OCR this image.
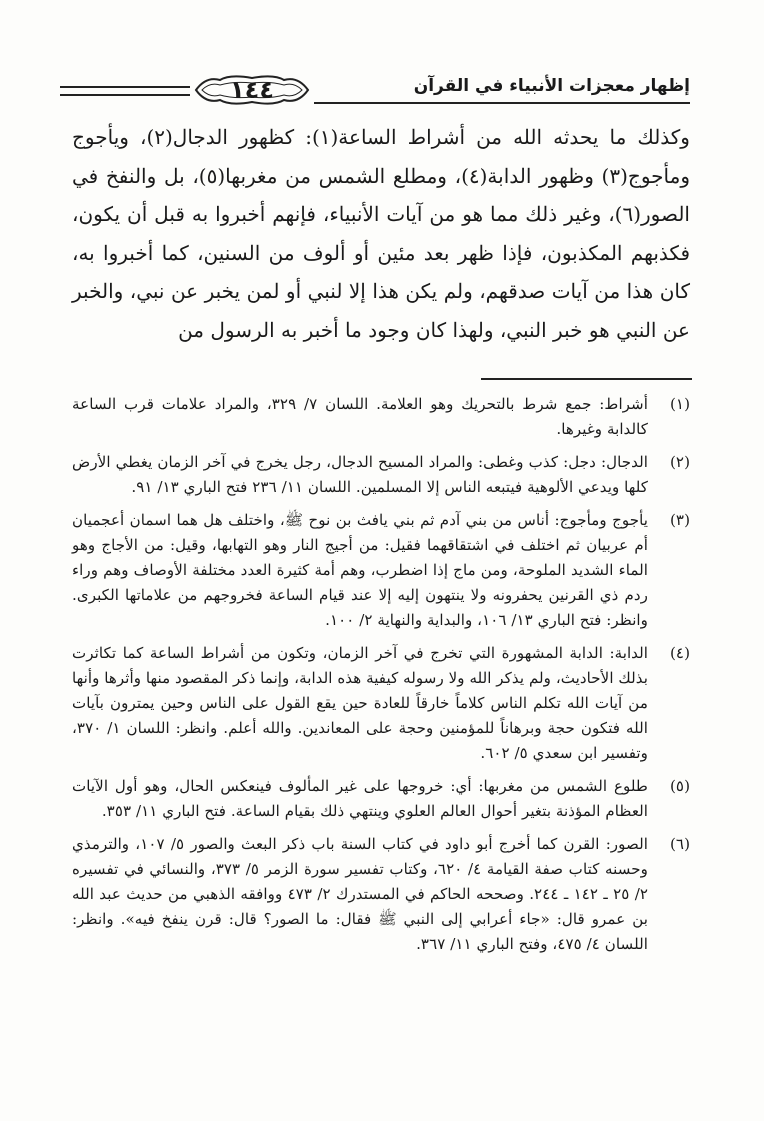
إظهار معجزات الأنبياء في القرآن
١٤٤

وكذلك ما يحدثه الله من أشراط الساعة(١): كظهور الدجال(٢)، ويأجوج ومأجوج(٣) وظهور الدابة(٤)، ومطلع الشمس من مغربها(٥)، بل والنفخ في الصور(٦)، وغير ذلك مما هو من آيات الأنبياء، فإنهم أخبروا به قبل أن يكون، فكذبهم المكذبون، فإذا ظهر بعد مئين أو ألوف من السنين، كما أخبروا به، كان هذا من آيات صدقهم، ولم يكن هذا إلا لنبي أو لمن يخبر عن نبي، والخبر عن النبي هو خبر النبي، ولهذا كان وجود ما أخبر به الرسول من

(١)
أشراط: جمع شرط بالتحريك وهو العلامة. اللسان ٧/ ٣٢٩، والمراد علامات قرب الساعة كالدابة وغيرها.
(٢)
الدجال: دجل: كذب وغطى: والمراد المسيح الدجال، رجل يخرج في آخر الزمان يغطي الأرض كلها ويدعي الألوهية فيتبعه الناس إلا المسلمين. اللسان ١١/ ٢٣٦ فتح الباري ١٣/ ٩١.
(٣)
يأجوج ومأجوج: أناس من بني آدم ثم بني يافث بن نوح ﷺ، واختلف هل هما اسمان أعجميان أم عربيان ثم اختلف في اشتقاقهما فقيل: من أجيج النار وهو التهابها، وقيل: من الأجاج وهو الماء الشديد الملوحة، ومن ماج إذا اضطرب، وهم أمة كثيرة العدد مختلفة الأوصاف وهم وراء ردم ذي القرنين يحفرونه ولا ينتهون إليه إلا عند قيام الساعة فخروجهم من علاماتها الكبرى. وانظر: فتح الباري ١٣/ ١٠٦، والبداية والنهاية ٢/ ١٠٠.
(٤)
الدابة: الدابة المشهورة التي تخرج في آخر الزمان، وتكون من أشراط الساعة كما تكاثرت بذلك الأحاديث، ولم يذكر الله ولا رسوله كيفية هذه الدابة، وإنما ذكر المقصود منها وأثرها وأنها من آيات الله تكلم الناس كلاماً خارقاً للعادة حين يقع القول على الناس وحين يمترون بآيات الله فتكون حجة وبرهاناً للمؤمنين وحجة على المعاندين. والله أعلم. وانظر: اللسان ١/ ٣٧٠، وتفسير ابن سعدي ٥/ ٦٠٢.
(٥)
طلوع الشمس من مغربها: أي: خروجها على غير المألوف فينعكس الحال، وهو أول الآيات العظام المؤذنة بتغير أحوال العالم العلوي وينتهي ذلك بقيام الساعة. فتح الباري ١١/ ٣٥٣.
(٦)
الصور: القرن كما أخرج أبو داود في كتاب السنة باب ذكر البعث والصور ٥/ ١٠٧، والترمذي وحسنه كتاب صفة القيامة ٤/ ٦٢٠، وكتاب تفسير سورة الزمر ٥/ ٣٧٣، والنسائي في تفسيره ٢/ ٢٥ ـ ١٤٢ ـ ٢٤٤. وصححه الحاكم في المستدرك ٢/ ٤٧٣ ووافقه الذهبي من حديث عبد الله بن عمرو قال: «جاء أعرابي إلى النبي ﷺ فقال: ما الصور؟ قال: قرن ينفخ فيه». وانظر: اللسان ٤/ ٤٧٥، وفتح الباري ١١/ ٣٦٧.
